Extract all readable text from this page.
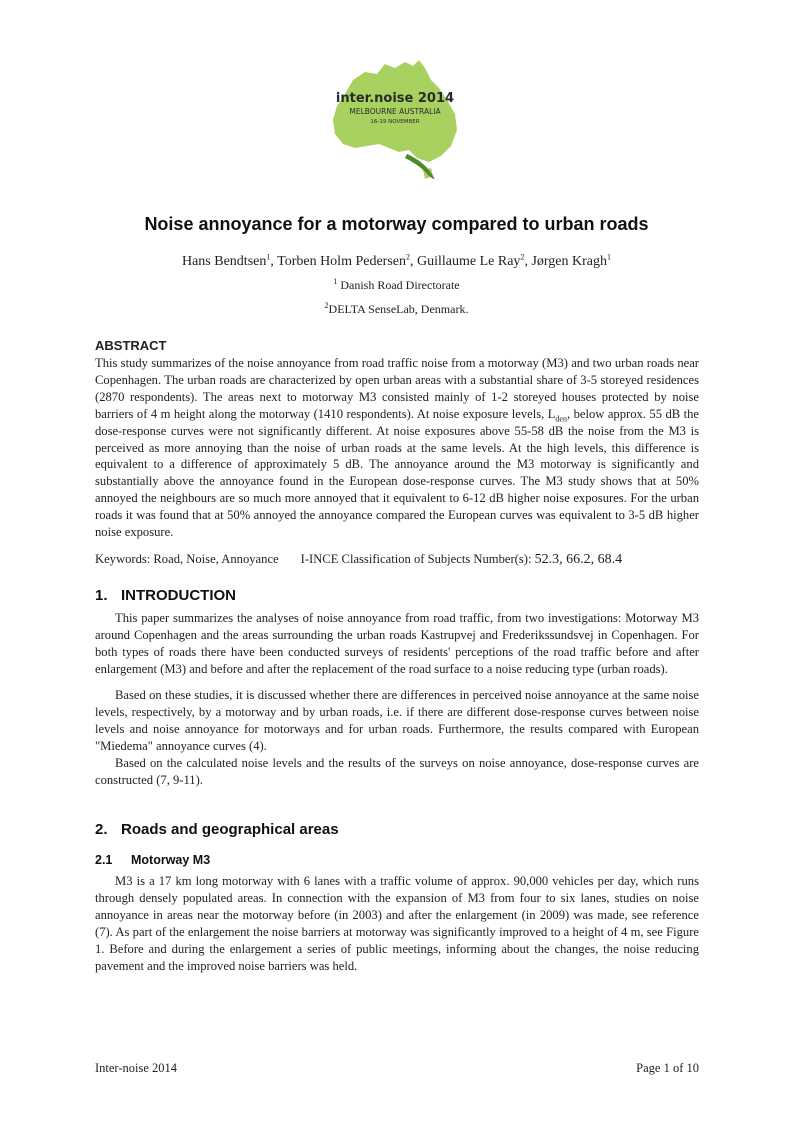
inter.noise 2014
MELBOURNE AUSTRALIA
16-19 NOVEMBER
Noise annoyance for a motorway compared to urban roads
Hans Bendtsen$^1$, Torben Holm Pedersen$^2$, Guillaume Le Ray$^2$, Jørgen Kragh$^1$
$^1$ Danish Road Directorate
$^2$DELTA SenseLab, Denmark.
ABSTRACT

This study summarizes of the noise annoyance from road traffic noise from a motorway (M3) and two urban roads near Copenhagen. The urban roads are characterized by open urban areas with a substantial share of 3-5 storeyed residences (2870 respondents). The areas next to motorway M3 consisted mainly of 1-2 storeyed houses protected by noise barriers of 4 m height along the motorway (1410 respondents). At noise exposure levels, $L_{den}$, below approx. 55 dB the dose-response curves were not significantly different. At noise exposures above 55-58 dB the noise from the M3 is perceived as more annoying than the noise of urban roads at the same levels. At the high levels, this difference is equivalent to a difference of approximately 5 dB. The annoyance around the M3 motorway is significantly and substantially above the annoyance found in the European dose-response curves. The M3 study shows that at 50% annoyed the neighbours are so much more annoyed that it equivalent to 6-12 dB higher noise exposures. For the urban roads it was found that at 50% annoyed the annoyance compared the European curves was equivalent to 3-5 dB higher noise exposure.

Keywords: Road, Noise, Annoyance I-INCE Classification of Subjects Number(s): 52.3, 66.2, 68.4
1. INTRODUCTION

This paper summarizes the analyses of noise annoyance from road traffic, from two investigations: Motorway M3 around Copenhagen and the areas surrounding the urban roads Kastrupvej and Frederikssundsvej in Copenhagen. For both types of roads there have been conducted surveys of residents' perceptions of the road traffic before and after enlargement (M3) and before and after the replacement of the road surface to a noise reducing type (urban roads).

Based on these studies, it is discussed whether there are differences in perceived noise annoyance at the same noise levels, respectively, by a motorway and by urban roads, i.e. if there are different dose-response curves between noise levels and noise annoyance for motorways and for urban roads. Furthermore, the results compared with European "Miedema" annoyance curves (4).

Based on the calculated noise levels and the results of the surveys on noise annoyance, dose-response curves are constructed (7, 9-11).

2. Roads and geographical areas
2.1 Motorway M3

M3 is a 17 km long motorway with 6 lanes with a traffic volume of approx. 90,000 vehicles per day, which runs through densely populated areas. In connection with the expansion of M3 from four to six lanes, studies on noise annoyance in areas near the motorway before (in 2003) and after the enlargement (in 2009) was made, see reference (7). As part of the enlargement the noise barriers at motorway was significantly improved to a height of 4 m, see Figure 1. Before and during the enlargement a series of public meetings, informing about the changes, the noise reducing pavement and the improved noise barriers was held.

Inter-noise 2014	Page 1 of 10
